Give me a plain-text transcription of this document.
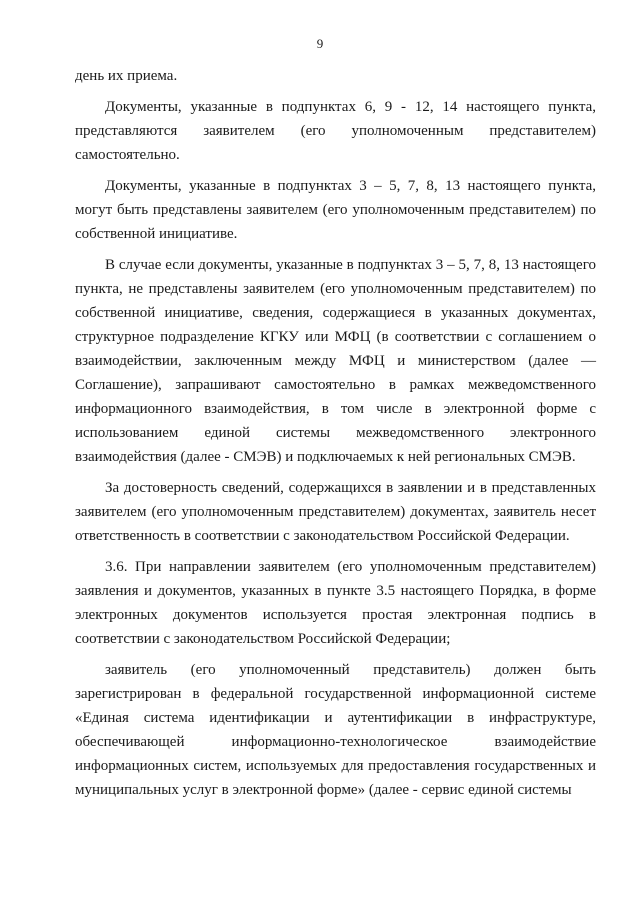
9

день их приема.

Документы, указанные в подпунктах 6, 9 - 12, 14 настоящего пункта, представляются заявителем (его уполномоченным представителем) самостоятельно.

Документы, указанные в подпунктах 3 – 5, 7, 8, 13 настоящего пункта, могут быть представлены заявителем (его уполномоченным представителем) по собственной инициативе.

В случае если документы, указанные в подпунктах 3 – 5, 7, 8, 13 настоящего пункта, не представлены заявителем (его уполномоченным представителем) по собственной инициативе, сведения, содержащиеся в указанных документах, структурное подразделение КГКУ или МФЦ (в соответствии с соглашением о взаимодействии, заключенным между МФЦ и министерством (далее — Соглашение), запрашивают самостоятельно в рамках межведомственного информационного взаимодействия, в том числе в электронной форме с использованием единой системы межведомственного электронного взаимодействия (далее - СМЭВ) и подключаемых к ней региональных СМЭВ.

За достоверность сведений, содержащихся в заявлении и в представленных заявителем (его уполномоченным представителем) документах, заявитель несет ответственность в соответствии с законодательством Российской Федерации.

3.6. При направлении заявителем (его уполномоченным представителем) заявления и документов, указанных в пункте 3.5 настоящего Порядка, в форме электронных документов используется простая электронная подпись в соответствии с законодательством Российской Федерации;

заявитель (его уполномоченный представитель) должен быть зарегистрирован в федеральной государственной информационной системе «Единая система идентификации и аутентификации в инфраструктуре, обеспечивающей информационно-технологическое взаимодействие информационных систем, используемых для предоставления государственных и муниципальных услуг в электронной форме» (далее - сервис единой системы
